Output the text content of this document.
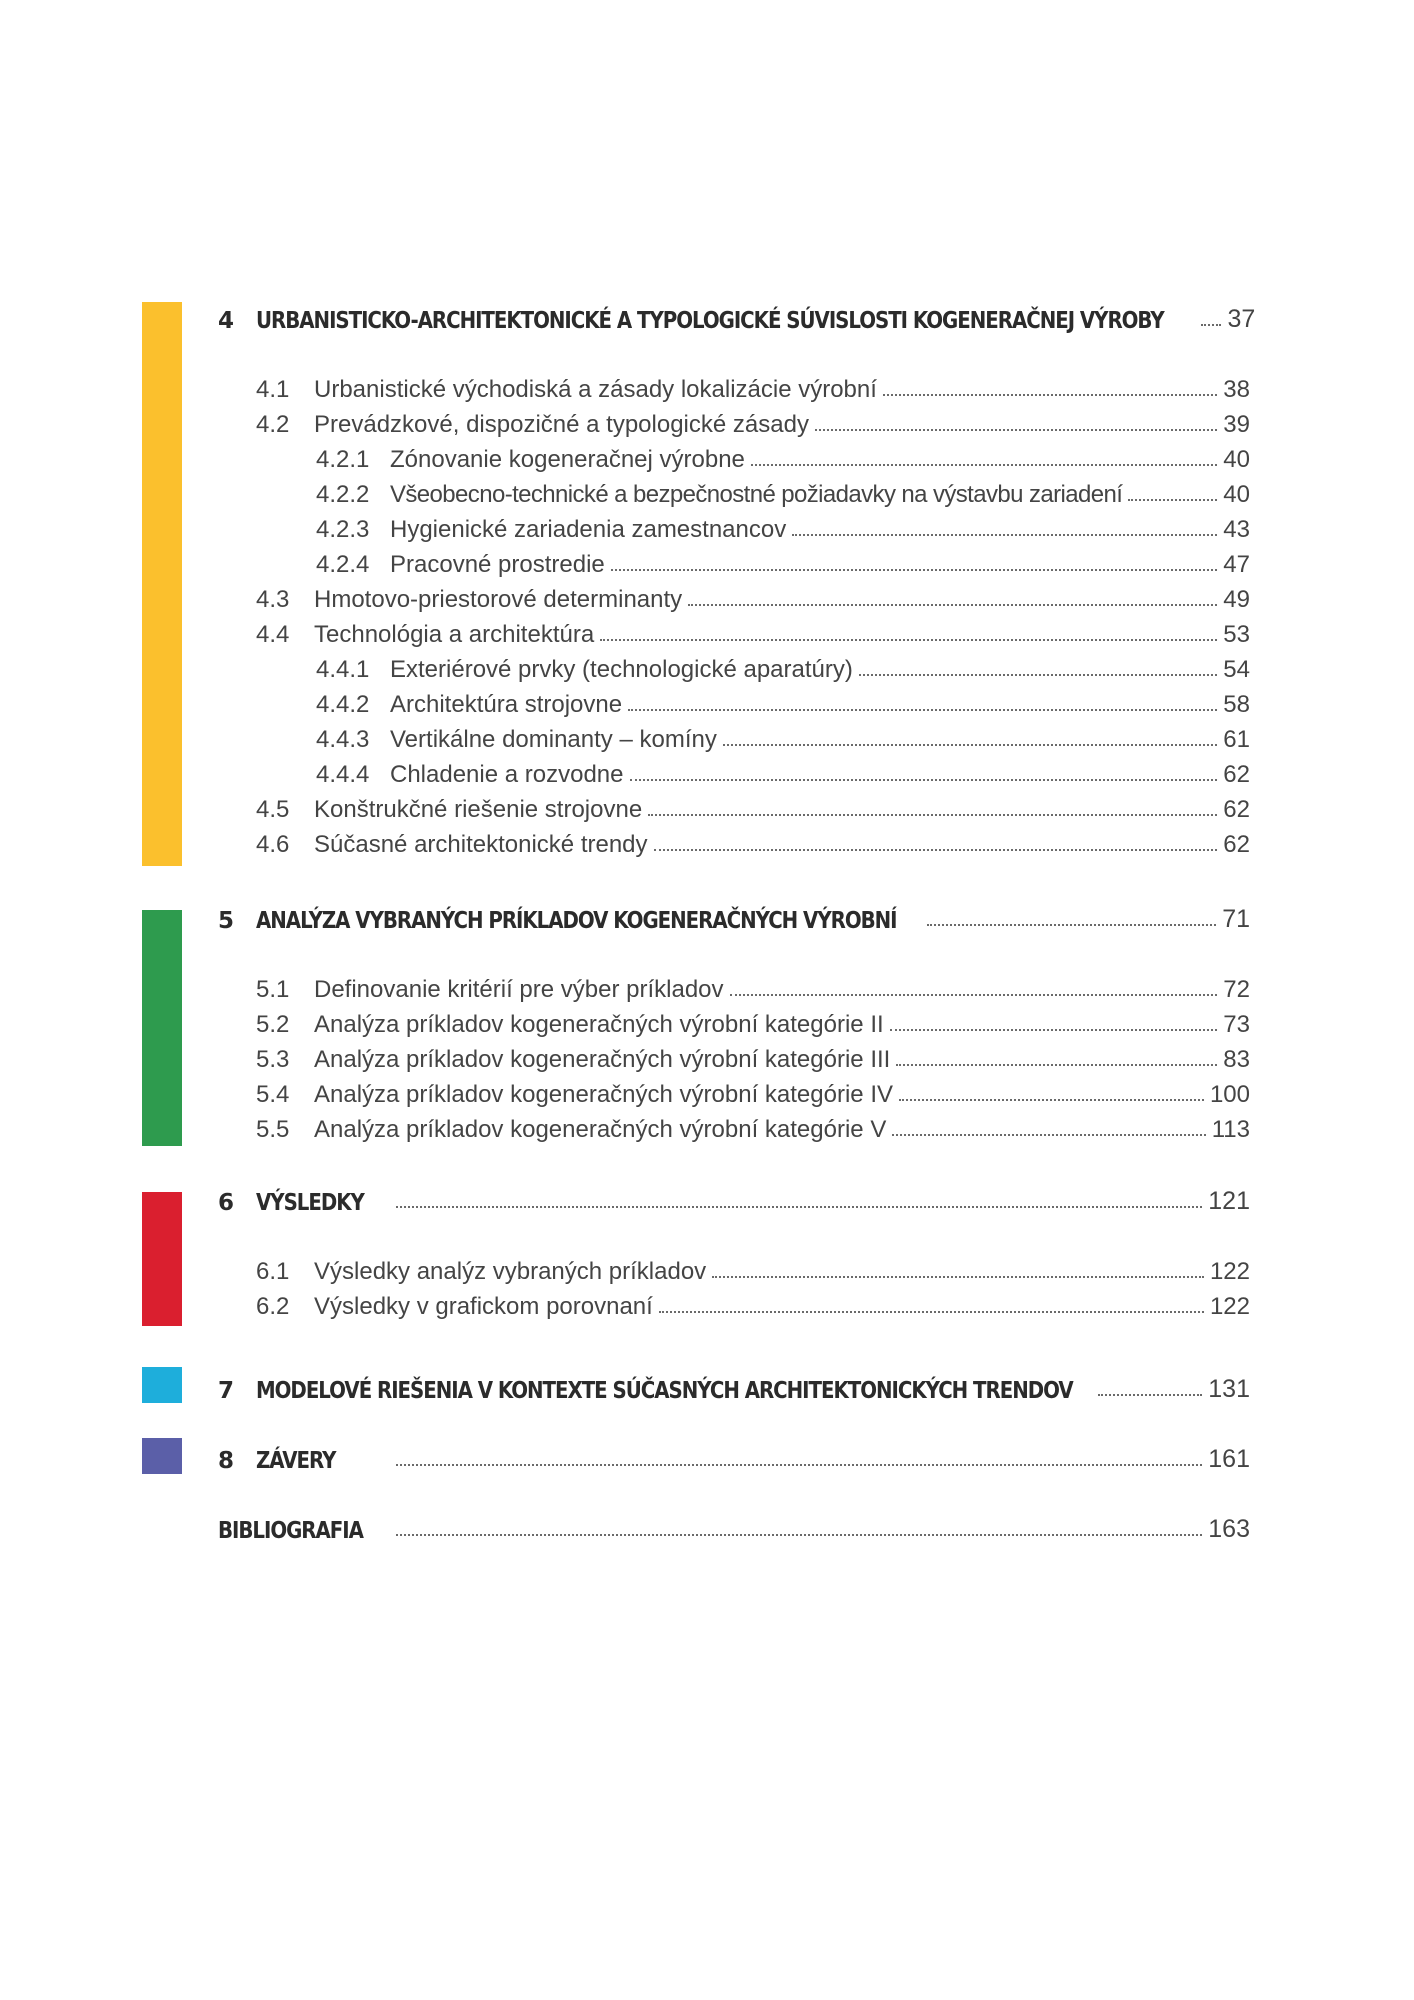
4	URBANISTICKO-ARCHITEKTONICKÉ A TYPOLOGICKÉ SÚVISLOSTI KOGENERAČNEJ VÝROBY	37
4.1	Urbanistické východiská a zásady lokalizácie výrobní	38
4.2	Prevádzkové, dispozičné a typologické zásady	39
4.2.1 Zónovanie kogeneračnej výrobne	40
4.2.2 Všeobecno-technické a bezpečnostné požiadavky na výstavbu zariadení	40
4.2.3 Hygienické zariadenia zamestnancov	43
4.2.4 Pracovné prostredie	47
4.3	Hmotovo-priestorové determinanty	49
4.4	Technológia a architektúra	53
4.4.1 Exteriérové prvky (technologické aparatúry)	54
4.4.2 Architektúra strojovne	58
4.4.3 Vertikálne dominanty – komíny	61
4.4.4 Chladenie a rozvodne	62
4.5	Konštrukčné riešenie strojovne	62
4.6	Súčasné architektonické trendy	62
5	ANALÝZA VYBRANÝCH PRÍKLADOV KOGENERAČNÝCH VÝROBNÍ	71
5.1	Definovanie kritérií pre výber príkladov	72
5.2	Analýza príkladov kogeneračných výrobní kategórie II	73
5.3	Analýza príkladov kogeneračných výrobní kategórie III	83
5.4	Analýza príkladov kogeneračných výrobní kategórie IV	100
5.5	Analýza príkladov kogeneračných výrobní kategórie V	113
6	VÝSLEDKY	121
6.1	Výsledky analýz vybraných príkladov	122
6.2	Výsledky v grafickom porovnaní	122
7	MODELOVÉ RIEŠENIA V KONTEXTE SÚČASNÝCH ARCHITEKTONICKÝCH TRENDOV	131
8	ZÁVERY	161
BIBLIOGRAFIA	163
